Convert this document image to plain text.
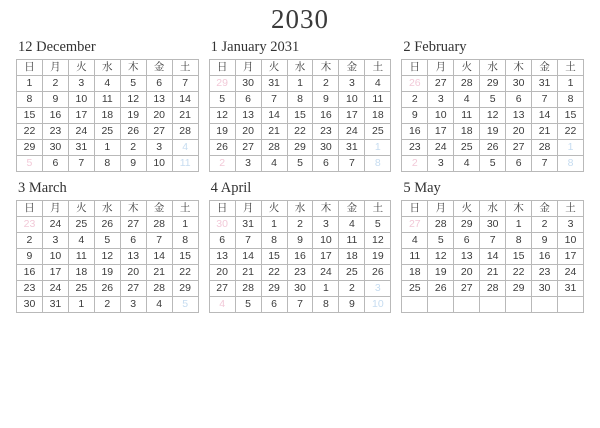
2030
12 December
日	月	火	水	木	金	土
1	2	3	4	5	6	7
8	9	10	11	12	13	14
15	16	17	18	19	20	21
22	23	24	25	26	27	28
29	30	31	1	2	3	4
5	6	7	8	9	10	11
1 January 2031
日	月	火	水	木	金	土
29	30	31	1	2	3	4
5	6	7	8	9	10	11
12	13	14	15	16	17	18
19	20	21	22	23	24	25
26	27	28	29	30	31	1
2	3	4	5	6	7	8
2 February
日	月	火	水	木	金	土
26	27	28	29	30	31	1
2	3	4	5	6	7	8
9	10	11	12	13	14	15
16	17	18	19	20	21	22
23	24	25	26	27	28	1
2	3	4	5	6	7	8
3 March
日	月	火	水	木	金	土
23	24	25	26	27	28	1
2	3	4	5	6	7	8
9	10	11	12	13	14	15
16	17	18	19	20	21	22
23	24	25	26	27	28	29
30	31	1	2	3	4	5
4 April
日	月	火	水	木	金	土
30	31	1	2	3	4	5
6	7	8	9	10	11	12
13	14	15	16	17	18	19
20	21	22	23	24	25	26
27	28	29	30	1	2	3
4	5	6	7	8	9	10
5 May
日	月	火	水	木	金	土
27	28	29	30	1	2	3
4	5	6	7	8	9	10
11	12	13	14	15	16	17
18	19	20	21	22	23	24
25	26	27	28	29	30	31
